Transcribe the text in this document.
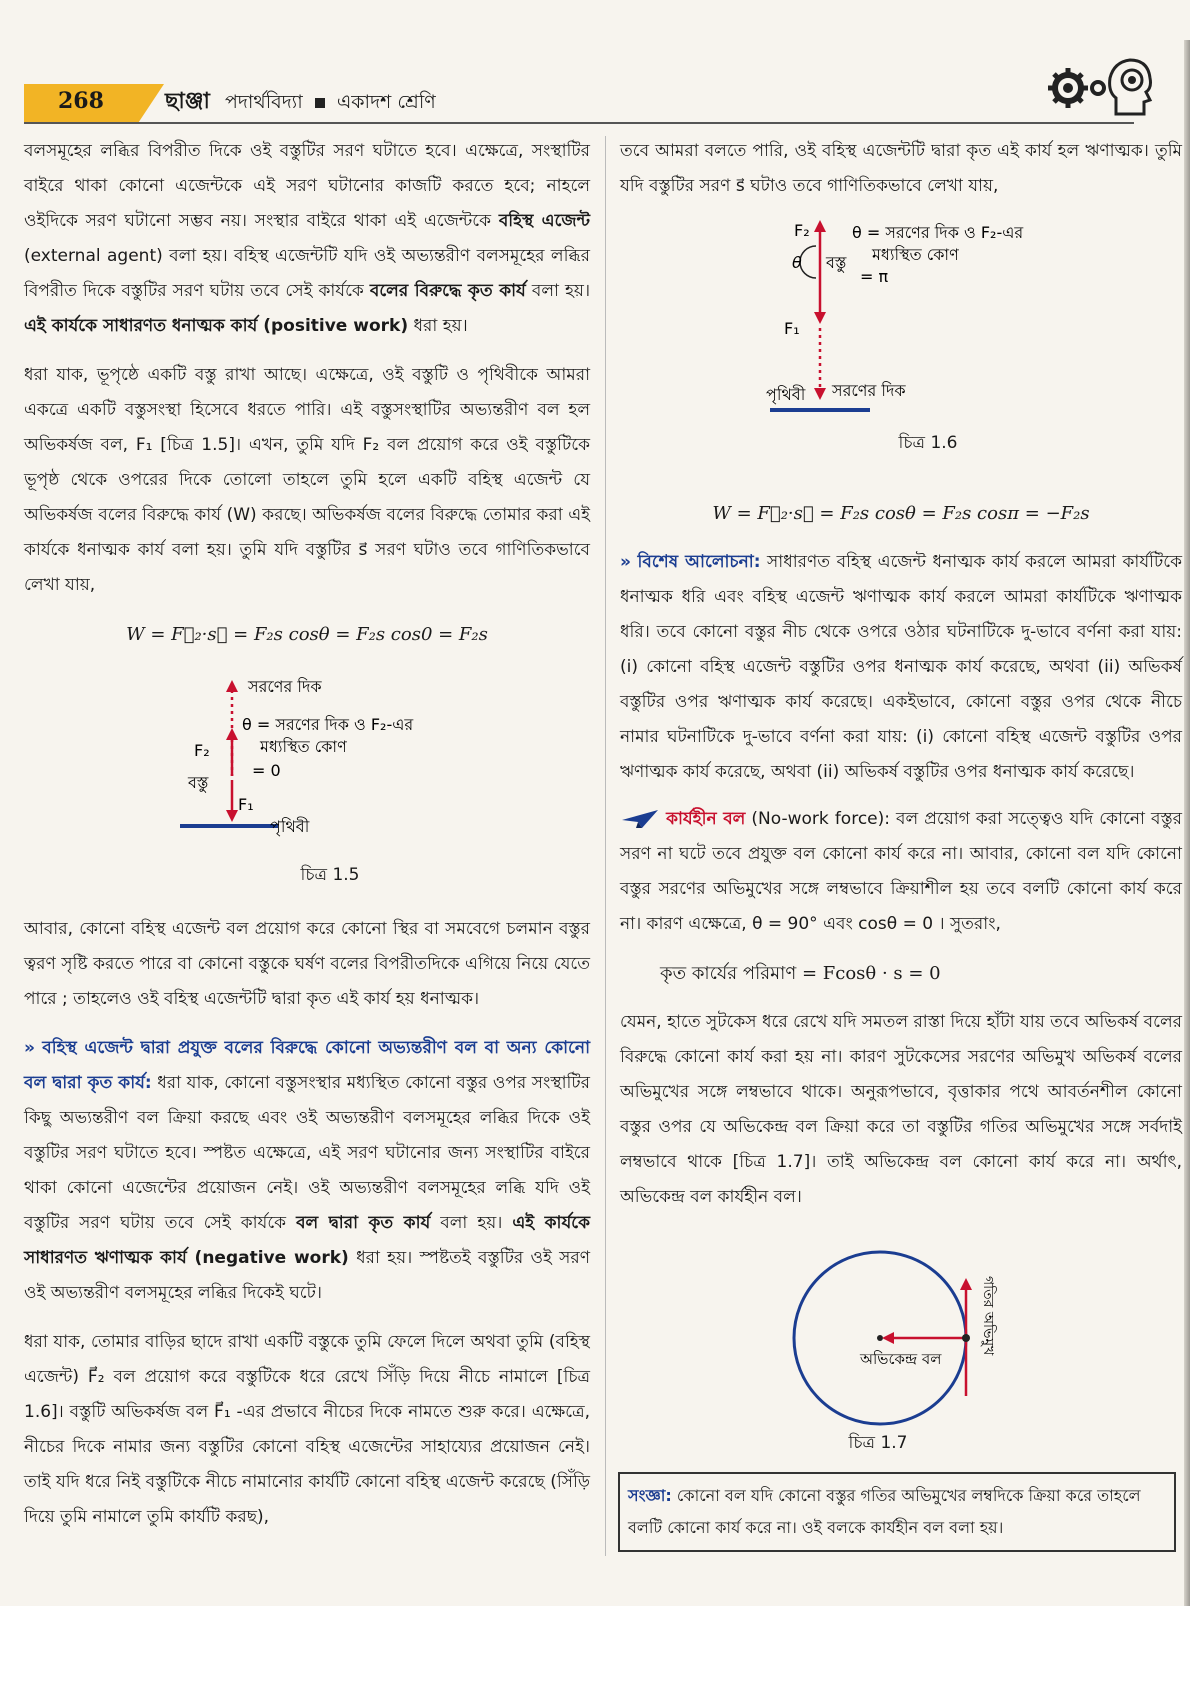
268	ছাঞ্জা পদার্থবিদ্যা একাদশ শ্রেণি

বলসমূহের লব্ধির বিপরীত দিকে ওই বস্তুটির সরণ ঘটাতে হবে। এক্ষেত্রে, সংস্থাটির বাইরে থাকা কোনো এজেন্টকে এই সরণ ঘটানোর কাজটি করতে হবে; নাহলে ওইদিকে সরণ ঘটানো সম্ভব নয়। সংস্থার বাইরে থাকা এই এজেন্টকে বহিস্থ এজেন্ট (external agent) বলা হয়। বহিস্থ এজেন্টটি যদি ওই অভ্যন্তরীণ বলসমূহের লব্ধির বিপরীত দিকে বস্তুটির সরণ ঘটায় তবে সেই কার্যকে বলের বিরুদ্ধে কৃত কার্য বলা হয়। এই কার্যকে সাধারণত ধনাত্মক কার্য (positive work) ধরা হয়।

ধরা যাক, ভূপৃষ্ঠে একটি বস্তু রাখা আছে। এক্ষেত্রে, ওই বস্তুটি ও পৃথিবীকে আমরা একত্রে একটি বস্তুসংস্থা হিসেবে ধরতে পারি। এই বস্তুসংস্থাটির অভ্যন্তরীণ বল হল অভিকর্ষজ বল, F₁ [চিত্র 1.5]। এখন, তুমি যদি F₂ বল প্রয়োগ করে ওই বস্তুটিকে ভূপৃষ্ঠ থেকে ওপরের দিকে তোলো তাহলে তুমি হলে একটি বহিস্থ এজেন্ট যে অভিকর্ষজ বলের বিরুদ্ধে কার্য (W) করছে। অভিকর্ষজ বলের বিরুদ্ধে তোমার করা এই কার্যকে ধনাত্মক কার্য বলা হয়। তুমি যদি বস্তুটির s⃗ সরণ ঘটাও তবে গাণিতিকভাবে লেখা যায়,

W = F⃗₂·s⃗ = F₂s cosθ = F₂s cos0 = F₂s
সরণের দিক
F₂
θ = সরণের দিক ও F₂-এর
মধ্যস্থিত কোণ
= 0
বস্তু
F₁
পৃথিবী
চিত্র 1.5

আবার, কোনো বহিস্থ এজেন্ট বল প্রয়োগ করে কোনো স্থির বা সমবেগে চলমান বস্তুর ত্বরণ সৃষ্টি করতে পারে বা কোনো বস্তুকে ঘর্ষণ বলের বিপরীতদিকে এগিয়ে নিয়ে যেতে পারে ; তাহলেও ওই বহিস্থ এজেন্টটি দ্বারা কৃত এই কার্য হয় ধনাত্মক।

» বহিস্থ এজেন্ট দ্বারা প্রযুক্ত বলের বিরুদ্ধে কোনো অভ্যন্তরীণ বল বা অন্য কোনো বল দ্বারা কৃত কার্য: ধরা যাক, কোনো বস্তুসংস্থার মধ্যস্থিত কোনো বস্তুর ওপর সংস্থাটির কিছু অভ্যন্তরীণ বল ক্রিয়া করছে এবং ওই অভ্যন্তরীণ বলসমূহের লব্ধির দিকে ওই বস্তুটির সরণ ঘটাতে হবে। স্পষ্টত এক্ষেত্রে, এই সরণ ঘটানোর জন্য সংস্থাটির বাইরে থাকা কোনো এজেন্টের প্রয়োজন নেই। ওই অভ্যন্তরীণ বলসমূহের লব্ধি যদি ওই বস্তুটির সরণ ঘটায় তবে সেই কার্যকে বল দ্বারা কৃত কার্য বলা হয়। এই কার্যকে সাধারণত ঋণাত্মক কার্য (negative work) ধরা হয়। স্পষ্টতই বস্তুটির ওই সরণ ওই অভ্যন্তরীণ বলসমূহের লব্ধির দিকেই ঘটে।

ধরা যাক, তোমার বাড়ির ছাদে রাখা একটি বস্তুকে তুমি ফেলে দিলে অথবা তুমি (বহিস্থ এজেন্ট) F⃗₂ বল প্রয়োগ করে বস্তুটিকে ধরে রেখে সিঁড়ি দিয়ে নীচে নামালে [চিত্র 1.6]। বস্তুটি অভিকর্ষজ বল F⃗₁ -এর প্রভাবে নীচের দিকে নামতে শুরু করে। এক্ষেত্রে, নীচের দিকে নামার জন্য বস্তুটির কোনো বহিস্থ এজেন্টের সাহায্যের প্রয়োজন নেই। তাই যদি ধরে নিই বস্তুটিকে নীচে নামানোর কার্যটি কোনো বহিস্থ এজেন্ট করেছে (সিঁড়ি দিয়ে তুমি নামালে তুমি কার্যটি করছ),

তবে আমরা বলতে পারি, ওই বহিস্থ এজেন্টটি দ্বারা কৃত এই কার্য হল ঋণাত্মক। তুমি যদি বস্তুটির সরণ s⃗ ঘটাও তবে গাণিতিকভাবে লেখা যায়,

F₂
θ বস্তু
θ = সরণের দিক ও F₂-এর
মধ্যস্থিত কোণ
= π
F₁
পৃথিবী সরণের দিক
চিত্র 1.6
W = F⃗₂·s⃗ = F₂s cosθ = F₂s cosπ = −F₂s

» বিশেষ আলোচনা: সাধারণত বহিস্থ এজেন্ট ধনাত্মক কার্য করলে আমরা কার্যটিকে ধনাত্মক ধরি এবং বহিস্থ এজেন্ট ঋণাত্মক কার্য করলে আমরা কার্যটিকে ঋণাত্মক ধরি। তবে কোনো বস্তুর নীচ থেকে ওপরে ওঠার ঘটনাটিকে দু-ভাবে বর্ণনা করা যায়: (i) কোনো বহিস্থ এজেন্ট বস্তুটির ওপর ধনাত্মক কার্য করেছে, অথবা (ii) অভিকর্ষ বস্তুটির ওপর ঋণাত্মক কার্য করেছে। একইভাবে, কোনো বস্তুর ওপর থেকে নীচে নামার ঘটনাটিকে দু-ভাবে বর্ণনা করা যায়: (i) কোনো বহিস্থ এজেন্ট বস্তুটির ওপর ঋণাত্মক কার্য করেছে, অথবা (ii) অভিকর্ষ বস্তুটির ওপর ধনাত্মক কার্য করেছে।

কার্যহীন বল (No-work force): বল প্রয়োগ করা সত্ত্বেও যদি কোনো বস্তুর সরণ না ঘটে তবে প্রযুক্ত বল কোনো কার্য করে না। আবার, কোনো বল যদি কোনো বস্তুর সরণের অভিমুখের সঙ্গে লম্বভাবে ক্রিয়াশীল হয় তবে বলটি কোনো কার্য করে না। কারণ এক্ষেত্রে, θ = 90° এবং cosθ = 0 । সুতরাং,

কৃত কার্যের পরিমাণ = Fcosθ · s = 0

যেমন, হাতে সুটকেস ধরে রেখে যদি সমতল রাস্তা দিয়ে হাঁটা যায় তবে অভিকর্ষ বলের বিরুদ্ধে কোনো কার্য করা হয় না। কারণ সুটকেসের সরণের অভিমুখ অভিকর্ষ বলের অভিমুখের সঙ্গে লম্বভাবে থাকে। অনুরূপভাবে, বৃত্তাকার পথে আবর্তনশীল কোনো বস্তুর ওপর যে অভিকেন্দ্র বল ক্রিয়া করে তা বস্তুটির গতির অভিমুখের সঙ্গে সর্বদাই লম্বভাবে থাকে [চিত্র 1.7]। তাই অভিকেন্দ্র বল কোনো কার্য করে না। অর্থাৎ, অভিকেন্দ্র বল কার্যহীন বল।

অভিকেন্দ্র বল
গতির অভিমুখ
চিত্র 1.7
সংজ্ঞা: কোনো বল যদি কোনো বস্তুর গতির অভিমুখের লম্বদিকে ক্রিয়া করে তাহলে বলটি কোনো কার্য করে না। ওই বলকে কার্যহীন বল বলা হয়।
